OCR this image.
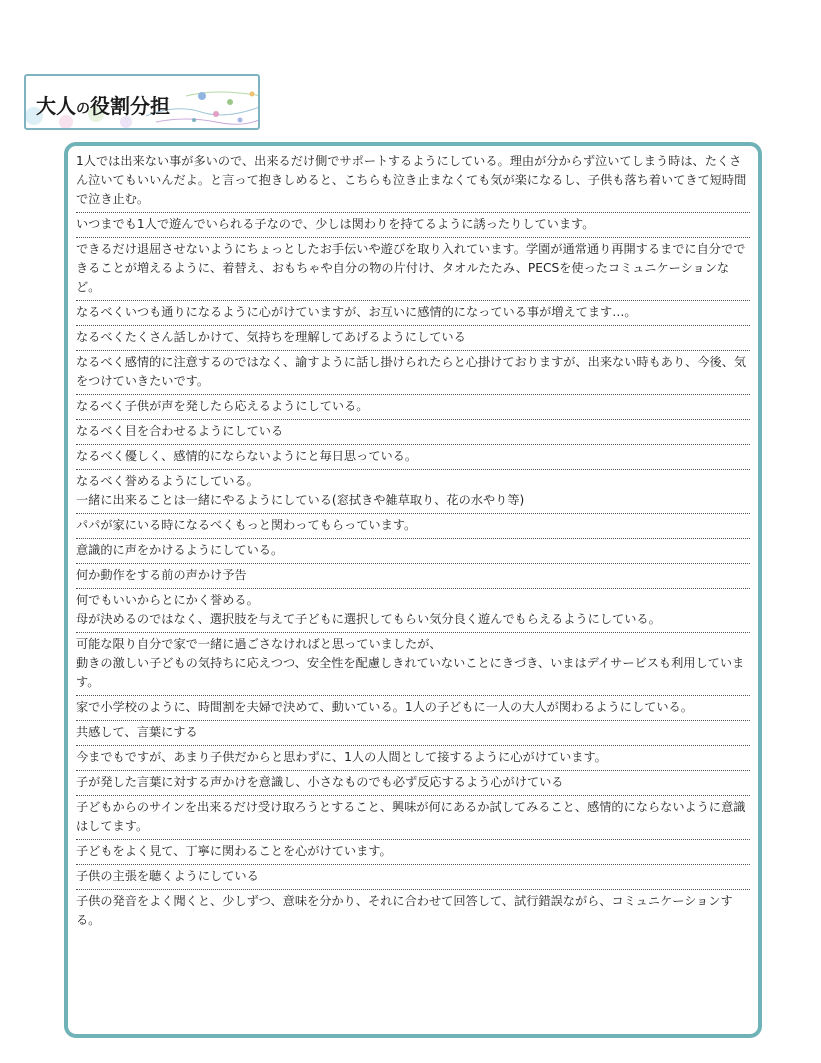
大人の役割分担
1人では出来ない事が多いので、出来るだけ側でサポートするようにしている。理由が分からず泣いてしまう時は、たくさん泣いてもいいんだよ。と言って抱きしめると、こちらも泣き止まなくても気が楽になるし、子供も落ち着いてきて短時間で泣き止む。
いつまでも1人で遊んでいられる子なので、少しは関わりを持てるように誘ったりしています。
できるだけ退屈させないようにちょっとしたお手伝いや遊びを取り入れています。学園が通常通り再開するまでに自分でできることが増えるように、着替え、おもちゃや自分の物の片付け、タオルたたみ、PECSを使ったコミュニケーションなど。
なるべくいつも通りになるように心がけていますが、お互いに感情的になっている事が増えてます…。
なるべくたくさん話しかけて、気持ちを理解してあげるようにしている
なるべく感情的に注意するのではなく、諭すように話し掛けられたらと心掛けておりますが、出来ない時もあり、今後、気をつけていきたいです。
なるべく子供が声を発したら応えるようにしている。
なるべく目を合わせるようにしている
なるべく優しく、感情的にならないようにと毎日思っている。
なるべく誉めるようにしている。
一緒に出来ることは一緒にやるようにしている(窓拭きや雑草取り、花の水やり等)
パパが家にいる時になるべくもっと関わってもらっています。
意識的に声をかけるようにしている。
何か動作をする前の声かけ予告
何でもいいからとにかく誉める。
母が決めるのではなく、選択肢を与えて子どもに選択してもらい気分良く遊んでもらえるようにしている。
可能な限り自分で家で一緒に過ごさなければと思っていましたが、
動きの激しい子どもの気持ちに応えつつ、安全性を配慮しきれていないことにきづき、いまはデイサービスも利用しています。
家で小学校のように、時間割を夫婦で決めて、動いている。1人の子どもに一人の大人が関わるようにしている。
共感して、言葉にする
今までもですが、あまり子供だからと思わずに、1人の人間として接するように心がけています。
子が発した言葉に対する声かけを意識し、小さなものでも必ず反応するよう心がけている
子どもからのサインを出来るだけ受け取ろうとすること、興味が何にあるか試してみること、感情的にならないように意識はしてます。
子どもをよく見て、丁寧に関わることを心がけています。
子供の主張を聴くようにしている
子供の発音をよく聞くと、少しずつ、意味を分かり、それに合わせて回答して、試行錯誤ながら、コミュニケーションする。
